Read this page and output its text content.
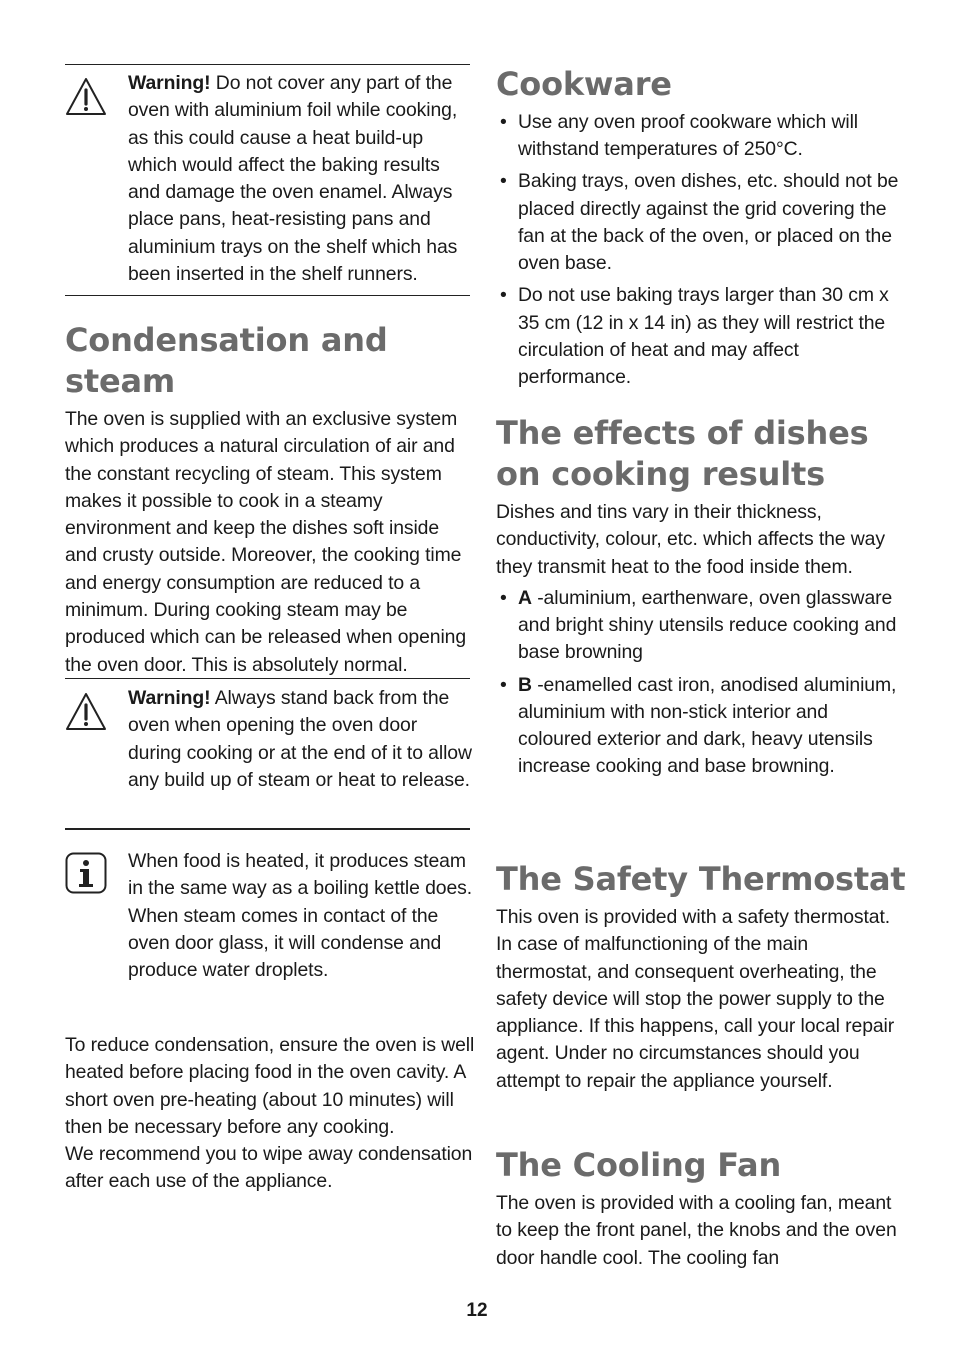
Warning! Do not cover any part of the oven with aluminium foil while cooking, as this could cause a heat build-up which would affect the baking results and damage the oven enamel. Always place pans, heat-resisting pans and aluminium trays on the shelf which has been inserted in the shelf runners.

Condensation and steam

The oven is supplied with an exclusive system which produces a natural circulation of air and the constant recycling of steam. This system makes it possible to cook in a steamy environment and keep the dishes soft inside and crusty outside. Moreover, the cooking time and energy consumption are reduced to a minimum. During cooking steam may be produced which can be released when opening the oven door. This is absolutely normal.

Warning! Always stand back from the oven when opening the oven door during cooking or at the end of it to allow any build up of steam or heat to release.

When food is heated, it produces steam in the same way as a boiling kettle does. When steam comes in contact of the oven door glass, it will condense and produce water droplets.

To reduce condensation, ensure the oven is well heated before placing food in the oven cavity. A short oven pre-heating (about 10 minutes) will then be necessary before any cooking.

We recommend you to wipe away condensation after each use of the appliance.

Cookware
• Use any oven proof cookware which will withstand temperatures of 250°C.
• Baking trays, oven dishes, etc. should not be placed directly against the grid covering the fan at the back of the oven, or placed on the oven base.
• Do not use baking trays larger than 30 cm x 35 cm (12 in x 14 in) as they will restrict the circulation of heat and may affect performance.
The effects of dishes on cooking results

Dishes and tins vary in their thickness, conductivity, colour, etc. which affects the way they transmit heat to the food inside them.

• A -aluminium, earthenware, oven glassware and bright shiny utensils reduce cooking and base browning
• B -enamelled cast iron, anodised aluminium, aluminium with non-stick interior and coloured exterior and dark, heavy utensils increase cooking and base browning.
The Safety Thermostat

This oven is provided with a safety thermostat. In case of malfunctioning of the main thermostat, and consequent overheating, the safety device will stop the power supply to the appliance. If this happens, call your local repair agent. Under no circumstances should you attempt to repair the appliance yourself.

The Cooling Fan

The oven is provided with a cooling fan, meant to keep the front panel, the knobs and the oven door handle cool. The cooling fan

12
